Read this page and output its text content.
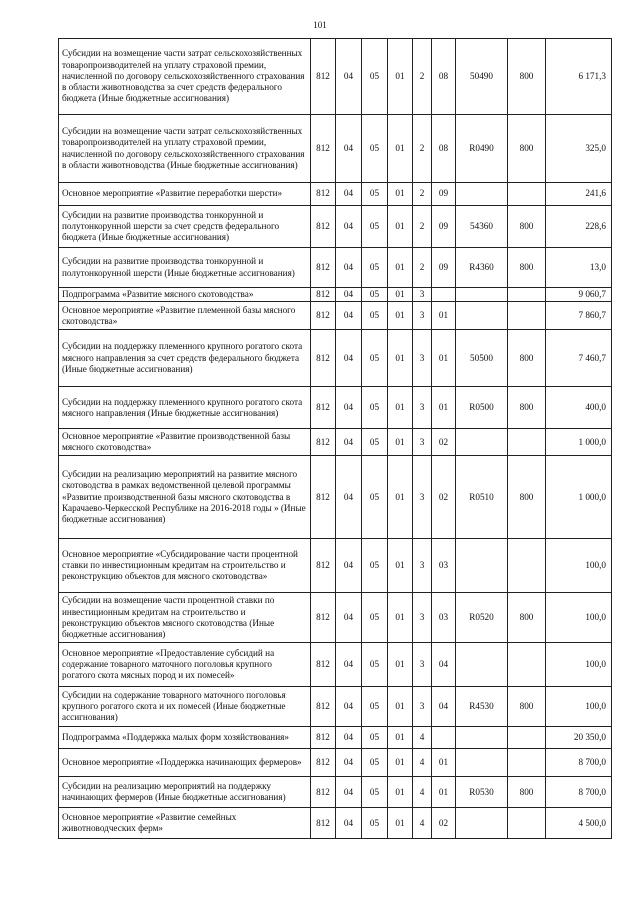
101
Субсидии на возмещение части затрат сельскохозяйственных товаропроизводителей на уплату страховой премии, начисленной по договору сельскохозяйственного страхования в области животноводства за счет средств федерального бюджета (Иные бюджетные ассигнования)	812	04	05	01	2	08	50490	800	6 171,3
Субсидии на возмещение части затрат сельскохозяйственных товаропроизводителей на уплату страховой премии, начисленной по договору сельскохозяйственного страхования в области животноводства (Иные бюджетные ассигнования)	812	04	05	01	2	08	R0490	800	325,0
Основное мероприятие «Развитие переработки шерсти»	812	04	05	01	2	09			241,6
Субсидии на развитие производства тонкорунной и полутонкорунной шерсти за счет средств федерального бюджета (Иные бюджетные ассигнования)	812	04	05	01	2	09	54360	800	228,6
Субсидии на развитие производства тонкорунной и полутонкорунной шерсти (Иные бюджетные ассигнования)	812	04	05	01	2	09	R4360	800	13,0
Подпрограмма «Развитие мясного скотоводства»	812	04	05	01	3				9 060,7
Основное мероприятие «Развитие племенной базы мясного скотоводства»	812	04	05	01	3	01			7 860,7
Субсидии на поддержку племенного крупного рогатого скота мясного направления за счет средств федерального бюджета (Иные бюджетные ассигнования)	812	04	05	01	3	01	50500	800	7 460,7
Субсидии на поддержку племенного крупного рогатого скота мясного направления (Иные бюджетные ассигнования)	812	04	05	01	3	01	R0500	800	400,0
Основное мероприятие «Развитие производственной базы мясного скотоводства»	812	04	05	01	3	02			1 000,0
Субсидии на реализацию мероприятий на развитие мясного скотоводства в рамках ведомственной целевой программы «Развитие производственной базы мясного скотоводства в Карачаево-Черкесской Республике на 2016-2018 годы » (Иные бюджетные ассигнования)	812	04	05	01	3	02	R0510	800	1 000,0
Основное мероприятие «Субсидирование части процентной ставки по инвестиционным кредитам на строительство и реконструкцию объектов для мясного скотоводства»	812	04	05	01	3	03			100,0
Субсидии на возмещение части процентной ставки по инвестиционным кредитам на строительство и реконструкцию объектов мясного скотоводства (Иные бюджетные ассигнования)	812	04	05	01	3	03	R0520	800	100,0
Основное мероприятие «Предоставление субсидий на содержание товарного маточного поголовья крупного рогатого скота мясных пород и их помесей»	812	04	05	01	3	04			100,0
Субсидии на содержание товарного маточного поголовья крупного рогатого скота и их помесей (Иные бюджетные ассигнования)	812	04	05	01	3	04	R4530	800	100,0
Подпрограмма «Поддержка малых форм хозяйствования»	812	04	05	01	4				20 350,0
Основное мероприятие «Поддержка начинающих фермеров»	812	04	05	01	4	01			8 700,0
Субсидии на реализацию мероприятий на поддержку начинающих фермеров (Иные бюджетные ассигнования)	812	04	05	01	4	01	R0530	800	8 700,0
Основное мероприятие «Развитие семейных животноводческих ферм»	812	04	05	01	4	02			4 500,0
